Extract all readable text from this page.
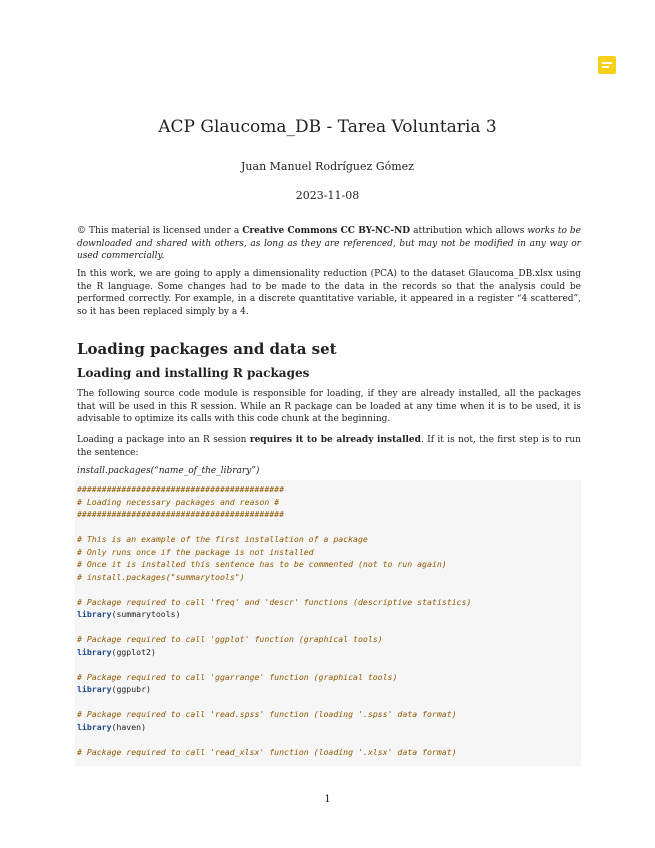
ACP Glaucoma_DB - Tarea Voluntaria 3
Juan Manuel Rodríguez Gómez
2023-11-08
© This material is licensed under a Creative Commons CC BY-NC-ND attribution which allows works to be downloaded and shared with others, as long as they are referenced, but may not be modified in any way or used commercially.
In this work, we are going to apply a dimensionality reduction (PCA) to the dataset Glaucoma_DB.xlsx using the R language. Some changes had to be made to the data in the records so that the analysis could be performed correctly. For example, in a discrete quantitative variable, it appeared in a register “4 scattered”, so it has been replaced simply by a 4.
Loading packages and data set
Loading and installing R packages
The following source code module is responsible for loading, if they are already installed, all the packages that will be used in this R session. While an R package can be loaded at any time when it is to be used, it is advisable to optimize its calls with this code chunk at the beginning.
Loading a package into an R session requires it to be already installed. If it is not, the first step is to run the sentence:
install.packages(“name_of_the_library”)
##########################################
# Loading necessary packages and reason #
##########################################
# This is an example of the first installation of a package
# Only runs once if the package is not installed
# Once it is installed this sentence has to be commented (not to run again)
# install.packages("summarytools")
# Package required to call 'freq' and 'descr' functions (descriptive statistics)
library(summarytools)
# Package required to call 'ggplot' function (graphical tools)
library(ggplot2)
# Package required to call 'ggarrange' function (graphical tools)
library(ggpubr)
# Package required to call 'read.spss' function (loading '.spss' data format)
library(haven)
# Package required to call 'read_xlsx' function (loading '.xlsx' data format)
1
